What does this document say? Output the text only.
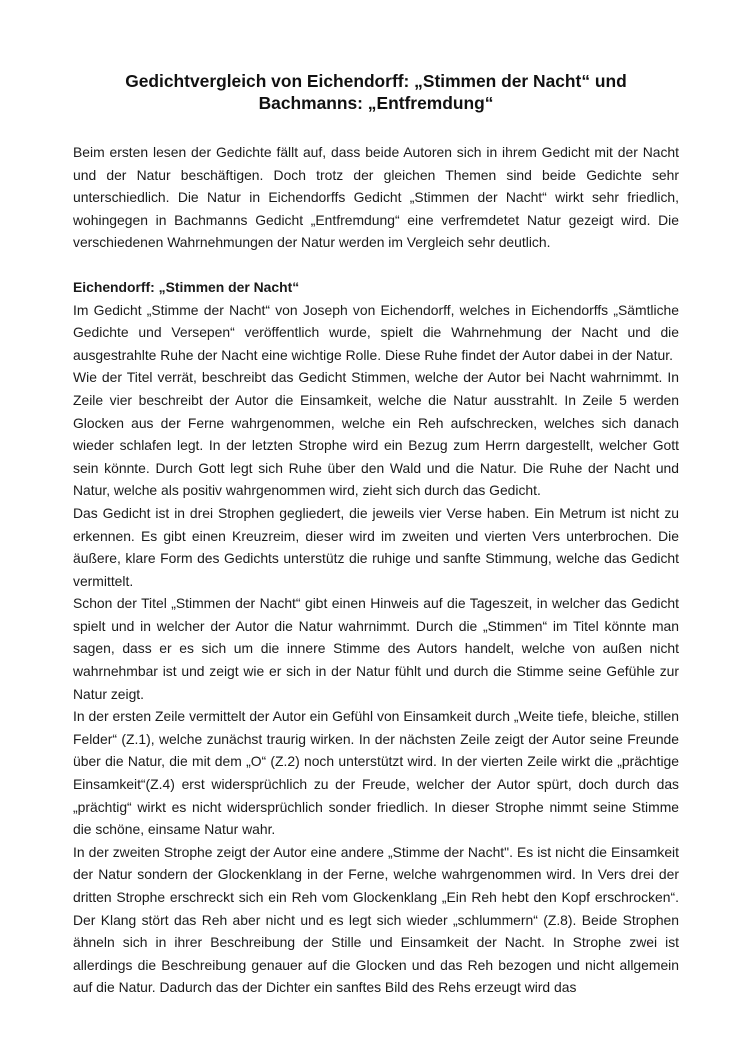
Gedichtvergleich von Eichendorff: „Stimmen der Nacht“ und
Bachmanns: „Entfremdung“

Beim ersten lesen der Gedichte fällt auf, dass beide Autoren sich in ihrem Gedicht mit der Nacht und der Natur beschäftigen. Doch trotz der gleichen Themen sind beide Gedichte sehr unterschiedlich. Die Natur in Eichendorffs Gedicht „Stimmen der Nacht“ wirkt sehr friedlich, wohingegen in Bachmanns Gedicht „Entfremdung“ eine verfremdetet Natur gezeigt wird. Die verschiedenen Wahrnehmungen der Natur werden im Vergleich sehr deutlich.

Eichendorff: „Stimmen der Nacht“

Im Gedicht „Stimme der Nacht“ von Joseph von Eichendorff, welches in Eichendorffs „Sämtliche Gedichte und Versepen“ veröffentlich wurde, spielt die Wahrnehmung der Nacht und die ausgestrahlte Ruhe der Nacht eine wichtige Rolle. Diese Ruhe findet der Autor dabei in der Natur.

Wie der Titel verrät, beschreibt das Gedicht Stimmen, welche der Autor bei Nacht wahrnimmt. In Zeile vier beschreibt der Autor die Einsamkeit, welche die Natur ausstrahlt. In Zeile 5 werden Glocken aus der Ferne wahrgenommen, welche ein Reh aufschrecken, welches sich danach wieder schlafen legt. In der letzten Strophe wird ein Bezug zum Herrn dargestellt, welcher Gott sein könnte. Durch Gott legt sich Ruhe über den Wald und die Natur. Die Ruhe der Nacht und Natur, welche als positiv wahrgenommen wird, zieht sich durch das Gedicht.

Das Gedicht ist in drei Strophen gegliedert, die jeweils vier Verse haben. Ein Metrum ist nicht zu erkennen. Es gibt einen Kreuzreim, dieser wird im zweiten und vierten Vers unterbrochen. Die äußere, klare Form des Gedichts unterstütz die ruhige und sanfte Stimmung, welche das Gedicht vermittelt.

Schon der Titel „Stimmen der Nacht“ gibt einen Hinweis auf die Tageszeit, in welcher das Gedicht spielt und in welcher der Autor die Natur wahrnimmt. Durch die „Stimmen“ im Titel könnte man sagen, dass er es sich um die innere Stimme des Autors handelt, welche von außen nicht wahrnehmbar ist und zeigt wie er sich in der Natur fühlt und durch die Stimme seine Gefühle zur Natur zeigt.

In der ersten Zeile vermittelt der Autor ein Gefühl von Einsamkeit durch „Weite tiefe, bleiche, stillen Felder“ (Z.1), welche zunächst traurig wirken. In der nächsten Zeile zeigt der Autor seine Freunde über die Natur, die mit dem „O“ (Z.2) noch unterstützt wird. In der vierten Zeile wirkt die „prächtige Einsamkeit“(Z.4) erst widersprüchlich zu der Freude, welcher der Autor spürt, doch durch das „prächtig“ wirkt es nicht widersprüchlich sonder friedlich. In dieser Strophe nimmt seine Stimme die schöne, einsame Natur wahr.

In der zweiten Strophe zeigt der Autor eine andere „Stimme der Nacht". Es ist nicht die Einsamkeit der Natur sondern der Glockenklang in der Ferne, welche wahrgenommen wird. In Vers drei der dritten Strophe erschreckt sich ein Reh vom Glockenklang „Ein Reh hebt den Kopf erschrocken“. Der Klang stört das Reh aber nicht und es legt sich wieder „schlummern“ (Z.8). Beide Strophen ähneln sich in ihrer Beschreibung der Stille und Einsamkeit der Nacht. In Strophe zwei ist allerdings die Beschreibung genauer auf die Glocken und das Reh bezogen und nicht allgemein auf die Natur. Dadurch das der Dichter ein sanftes Bild des Rehs erzeugt wird das
